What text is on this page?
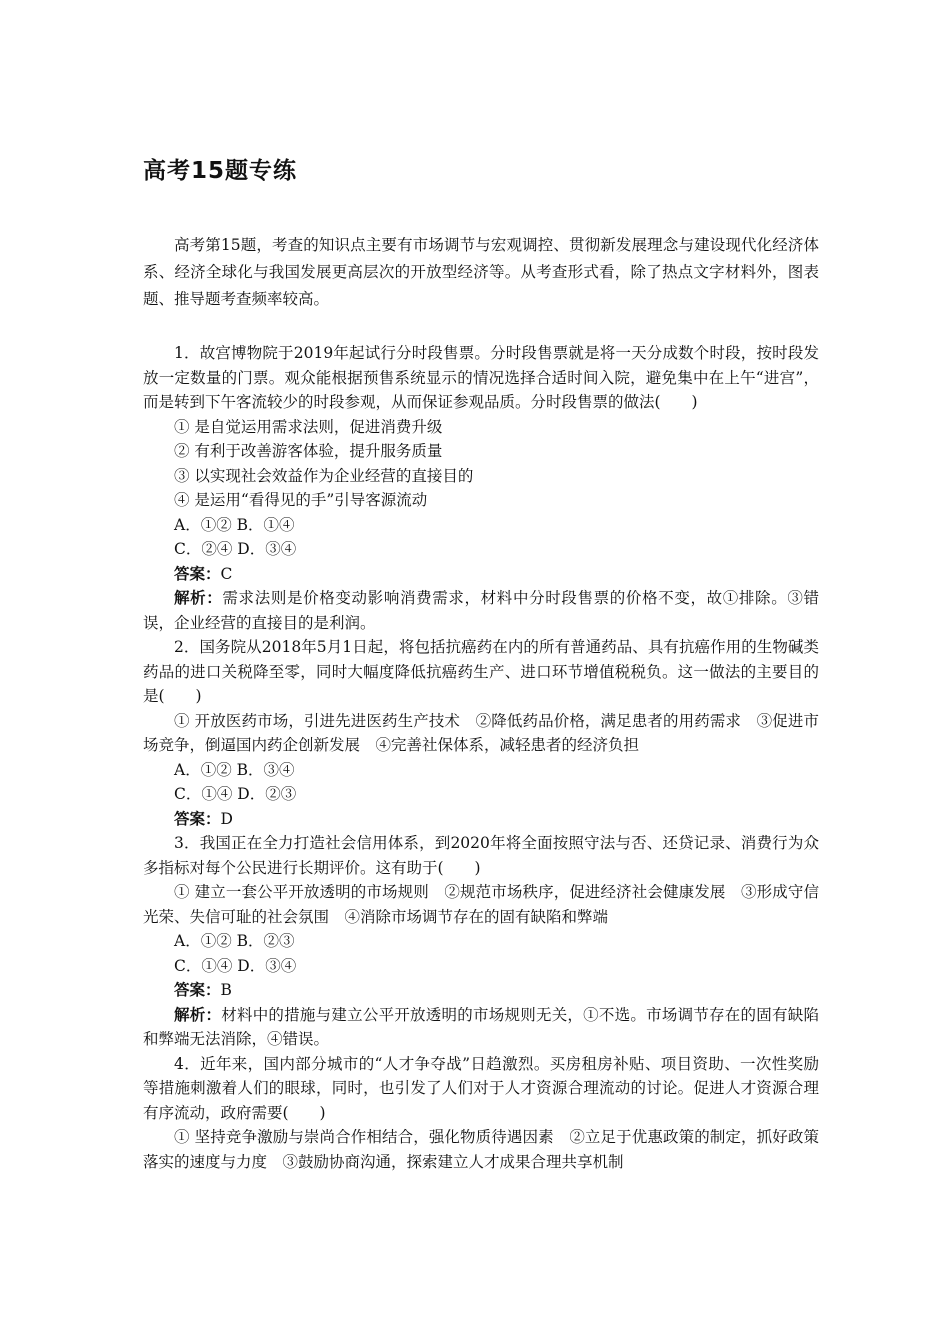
高考15题专练

高考第15题，考查的知识点主要有市场调节与宏观调控、贯彻新发展理念与建设现代化经济体系、经济全球化与我国发展更高层次的开放型经济等。从考查形式看，除了热点文字材料外，图表题、推导题考查频率较高。

1．故宫博物院于2019年起试行分时段售票。分时段售票就是将一天分成数个时段，按时段发放一定数量的门票。观众能根据预售系统显示的情况选择合适时间入院，避免集中在上午“进宫”，而是转到下午客流较少的时段参观，从而保证参观品质。分时段售票的做法(　　)

① 是自觉运用需求法则，促进消费升级

② 有利于改善游客体验，提升服务质量

③ 以实现社会效益作为企业经营的直接目的

④ 是运用“看得见的手”引导客源流动

A．①② B．①④

C．②④ D．③④

答案：C

解析：需求法则是价格变动影响消费需求，材料中分时段售票的价格不变，故①排除。③错误，企业经营的直接目的是利润。

2．国务院从2018年5月1日起，将包括抗癌药在内的所有普通药品、具有抗癌作用的生物碱类药品的进口关税降至零，同时大幅度降低抗癌药生产、进口环节增值税税负。这一做法的主要目的是(　　)

① 开放医药市场，引进先进医药生产技术　②降低药品价格，满足患者的用药需求　③促进市场竞争，倒逼国内药企创新发展　④完善社保体系，减轻患者的经济负担

A．①② B．③④

C．①④ D．②③

答案：D

3．我国正在全力打造社会信用体系，到2020年将全面按照守法与否、还贷记录、消费行为众多指标对每个公民进行长期评价。这有助于(　　)

① 建立一套公平开放透明的市场规则　②规范市场秩序，促进经济社会健康发展　③形成守信光荣、失信可耻的社会氛围　④消除市场调节存在的固有缺陷和弊端

A．①② B．②③

C．①④ D．③④

答案：B

解析：材料中的措施与建立公平开放透明的市场规则无关，①不选。市场调节存在的固有缺陷和弊端无法消除，④错误。

4．近年来，国内部分城市的“人才争夺战”日趋激烈。买房租房补贴、项目资助、一次性奖励等措施刺激着人们的眼球，同时，也引发了人们对于人才资源合理流动的讨论。促进人才资源合理有序流动，政府需要(　　)

① 坚持竞争激励与崇尚合作相结合，强化物质待遇因素　②立足于优惠政策的制定，抓好政策落实的速度与力度　③鼓励协商沟通，探索建立人才成果合理共享机制
